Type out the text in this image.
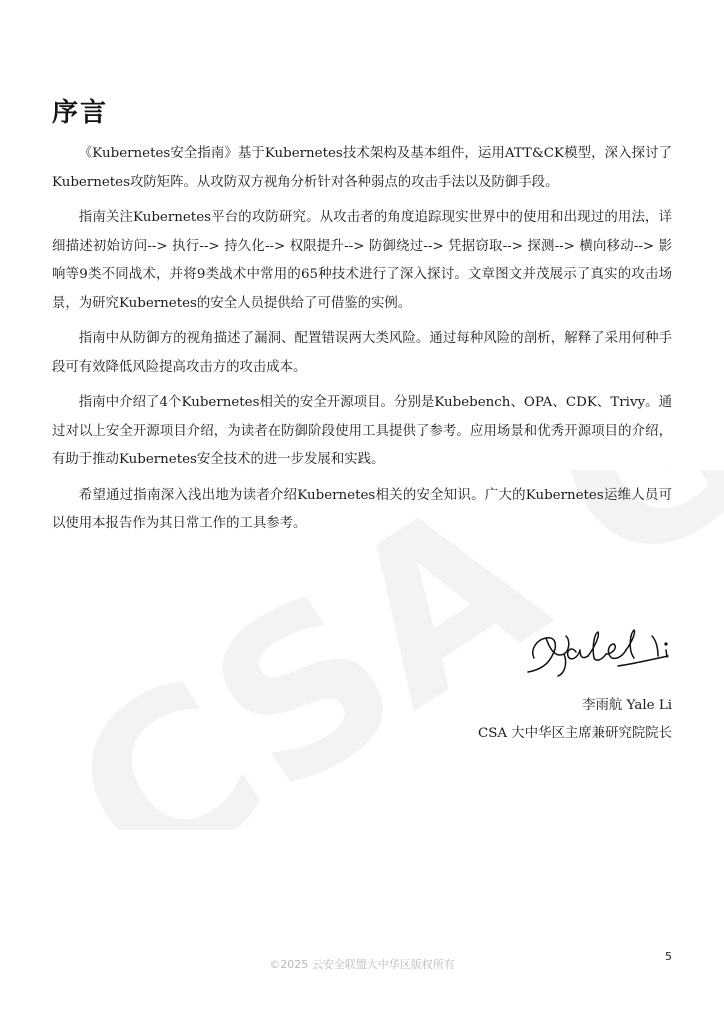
序言

《Kubernetes安全指南》基于Kubernetes技术架构及基本组件，运用ATT&CK模型，深入探讨了Kubernetes攻防矩阵。从攻防双方视角分析针对各种弱点的攻击手法以及防御手段。

指南关注Kubernetes平台的攻防研究。从攻击者的角度追踪现实世界中的使用和出现过的用法，详细描述初始访问--> 执行--> 持久化--> 权限提升--> 防御绕过--> 凭据窃取--> 探测--> 横向移动--> 影响等9类不同战术，并将9类战术中常用的65种技术进行了深入探讨。文章图文并茂展示了真实的攻击场景，为研究Kubernetes的安全人员提供给了可借鉴的实例。

指南中从防御方的视角描述了漏洞、配置错误两大类风险。通过每种风险的剖析，解释了采用何种手段可有效降低风险提高攻击方的攻击成本。

指南中介绍了4个Kubernetes相关的安全开源项目。分别是Kubebench、OPA、CDK、Trivy。通过对以上安全开源项目介绍，为读者在防御阶段使用工具提供了参考。应用场景和优秀开源项目的介绍，有助于推动Kubernetes安全技术的进一步发展和实践。

希望通过指南深入浅出地为读者介绍Kubernetes相关的安全知识。广大的Kubernetes运维人员可以使用本报告作为其日常工作的工具参考。

李雨航 Yale Li
CSA 大中华区主席兼研究院院长
©2025 云安全联盟大中华区版权所有
5
